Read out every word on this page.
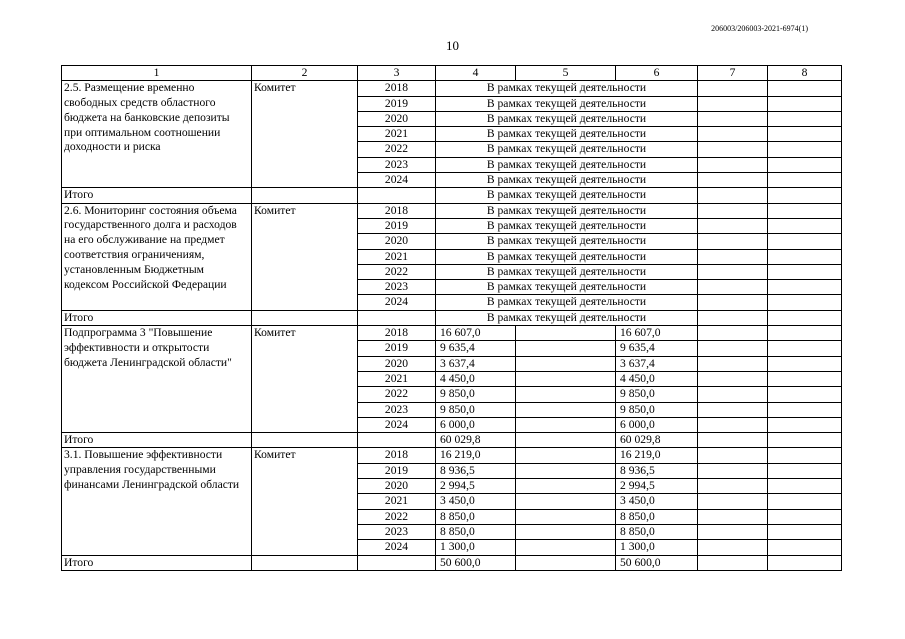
206003/206003-2021-6974(1)
10
1	2	3	4	5	6	7	8
2.5. Размещение временно свободных средств областного бюджета на банковские депозиты при оптимальном соотношении доходности и риска	Комитет	2018	В рамках текущей деятельности				
		2019	В рамках текущей деятельности				
		2020	В рамках текущей деятельности				
		2021	В рамках текущей деятельности				
		2022	В рамках текущей деятельности				
		2023	В рамках текущей деятельности				
		2024	В рамках текущей деятельности				
Итого			В рамках текущей деятельности				
2.6. Мониторинг состояния объема государственного долга и расходов на его обслуживание на предмет соответствия ограничениям, установленным Бюджетным кодексом Российской Федерации	Комитет	2018	В рамках текущей деятельности				
		2019	В рамках текущей деятельности				
		2020	В рамках текущей деятельности				
		2021	В рамках текущей деятельности				
		2022	В рамках текущей деятельности				
		2023	В рамках текущей деятельности				
		2024	В рамках текущей деятельности				
Итого			В рамках текущей деятельности				
Подпрограмма 3 "Повышение эффективности и открытости бюджета Ленинградской области"	Комитет	2018	16 607,0		16 607,0		
		2019	9 635,4		9 635,4		
		2020	3 637,4		3 637,4		
		2021	4 450,0		4 450,0		
		2022	9 850,0		9 850,0		
		2023	9 850,0		9 850,0		
		2024	6 000,0		6 000,0		
Итого			60 029,8		60 029,8		
3.1. Повышение эффективности управления государственными финансами Ленинградской области	Комитет	2018	16 219,0		16 219,0		
		2019	8 936,5		8 936,5		
		2020	2 994,5		2 994,5		
		2021	3 450,0		3 450,0		
		2022	8 850,0		8 850,0		
		2023	8 850,0		8 850,0		
		2024	1 300,0		1 300,0		
Итого			50 600,0		50 600,0		
